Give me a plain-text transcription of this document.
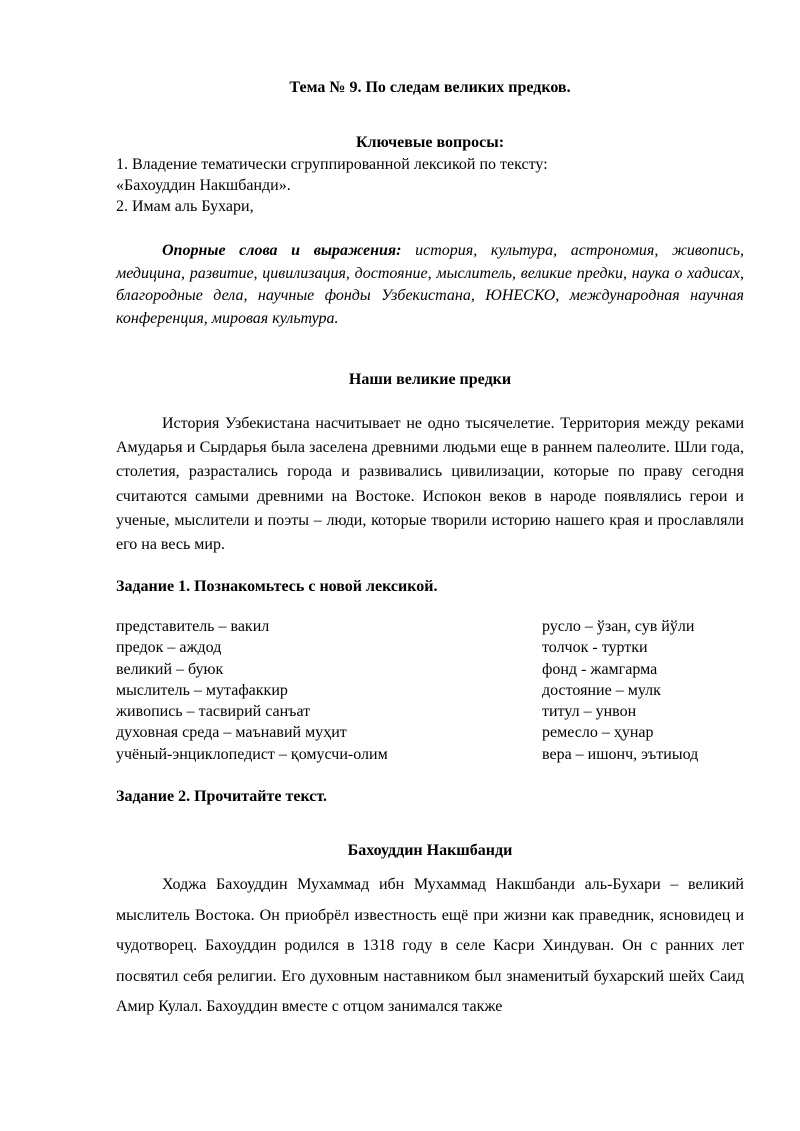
Тема № 9. По следам великих предков.
Ключевые вопросы:
1. Владение тематически сгруппированной лексикой по тексту:
«Бахоуддин Накшбанди».
2. Имам аль Бухари,
Опорные слова и выражения: история, культура, астрономия, живопись, медицина, развитие, цивилизация, достояние, мыслитель, великие предки, наука о хадисах, благородные дела, научные фонды Узбекистана, ЮНЕСКО, международная научная конференция, мировая культура.
Наши великие предки
История Узбекистана насчитывает не одно тысячелетие. Территория между реками Амударья и Сырдарья была заселена древними людьми еще в раннем палеолите. Шли года, столетия, разрастались города и развивались цивилизации, которые по праву сегодня считаются самыми древними на Востоке. Испокон веков в народе появлялись герои и ученые, мыслители и поэты – люди, которые творили историю нашего края и прославляли его на весь мир.
Задание 1. Познакомьтесь с новой лексикой.
представитель – вакил	русло – ўзан, сув йўли
предок – аждод	толчок - туртки
великий – буюк	фонд - жамгарма
мыслитель – мутафаккир	достояние – мулк
живопись – тасвирий санъат	титул – унвон
духовная среда – маънавий муҳит	ремесло – ҳунар
учёный-энциклопедист – қомусчи-олим	вера – ишонч, эътиыод
Задание 2. Прочитайте текст.
Бахоуддин Накшбанди
Ходжа Бахоуддин Мухаммад ибн Мухаммад Накшбанди аль-Бухари – великий мыслитель Востока. Он приобрёл известность ещё при жизни как праведник, ясновидец и чудотворец. Бахоуддин родился в 1318 году в селе Касри Хиндуван. Он с ранних лет посвятил себя религии. Его духовным наставником был знаменитый бухарский шейх Саид Амир Кулал. Бахоуддин вместе с отцом занимался также
